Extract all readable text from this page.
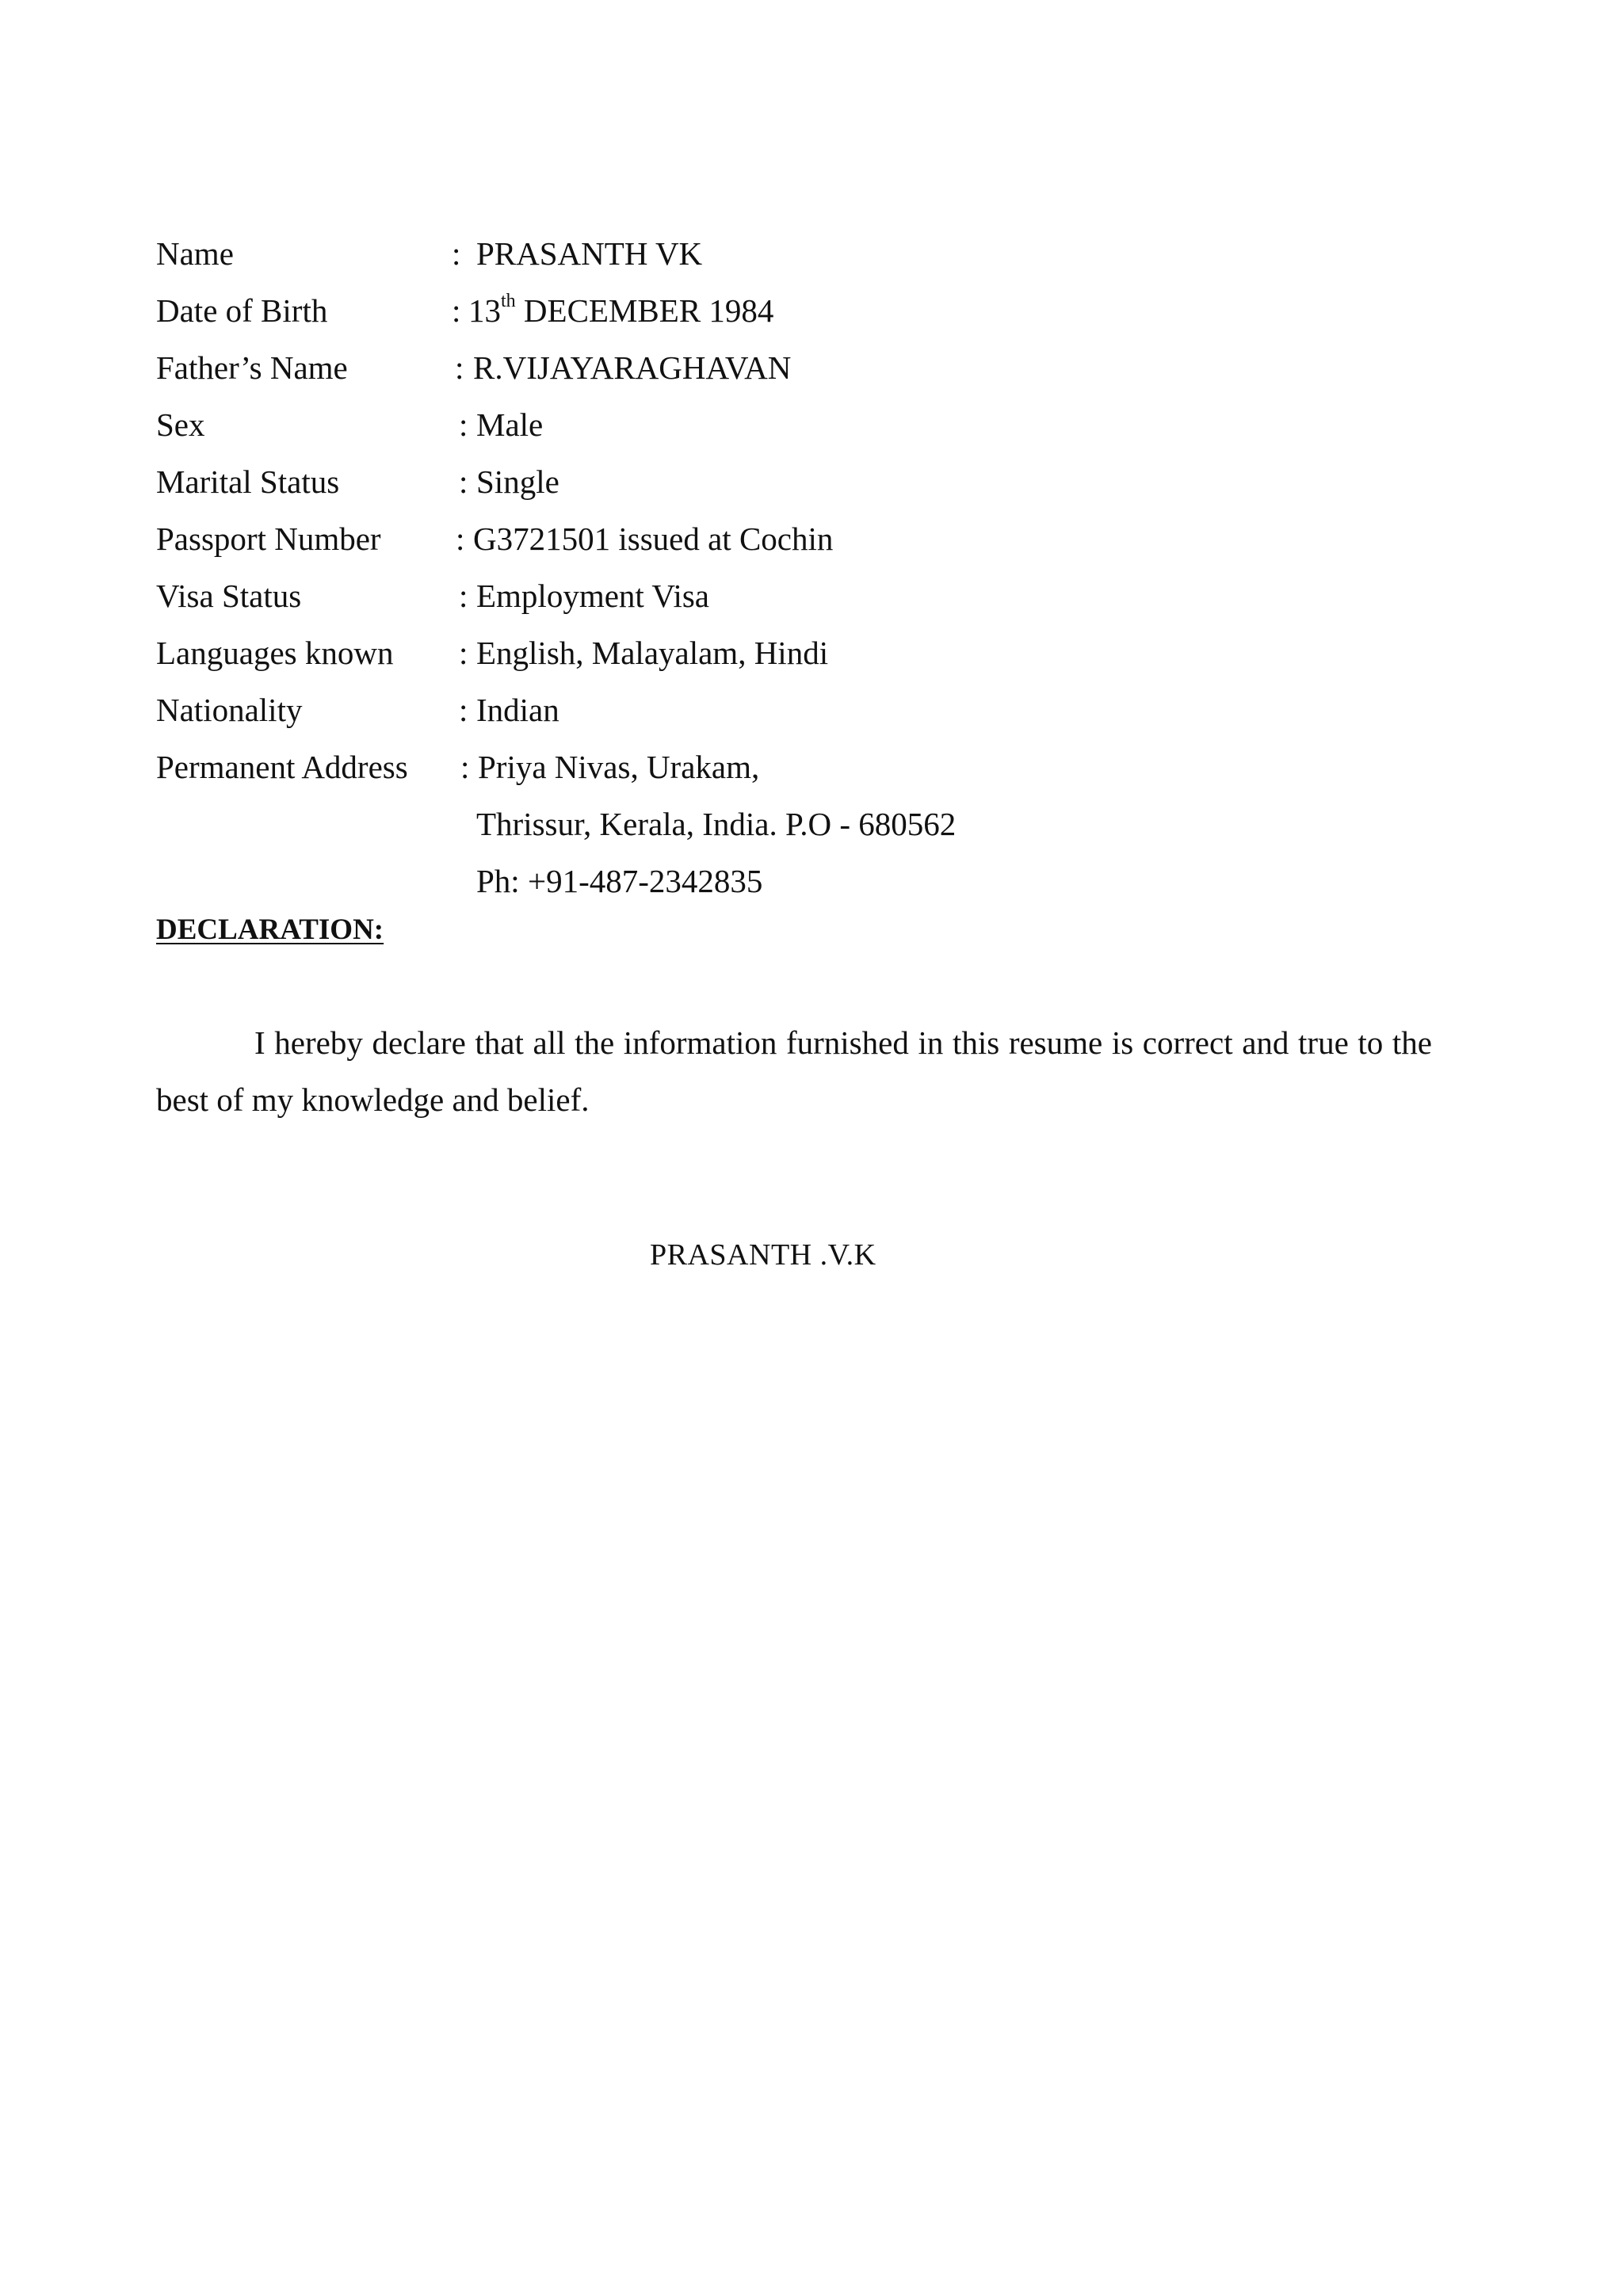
Name	: PRASANTH VK
Date of Birth	: 13th DECEMBER 1984
Father’s Name	: R.VIJAYARAGHAVAN
Sex	: Male
Marital Status	: Single
Passport Number : G3721501 issued at Cochin
Visa Status	: Employment Visa
Languages known : English, Malayalam, Hindi
Nationality	: Indian
Permanent Address : Priya Nivas, Urakam,
Thrissur, Kerala, India. P.O - 680562
Ph: +91-487-2342835
DECLARATION:

I hereby declare that all the information furnished in this resume is correct and true to the best of my knowledge and belief.

PRASANTH .V.K
